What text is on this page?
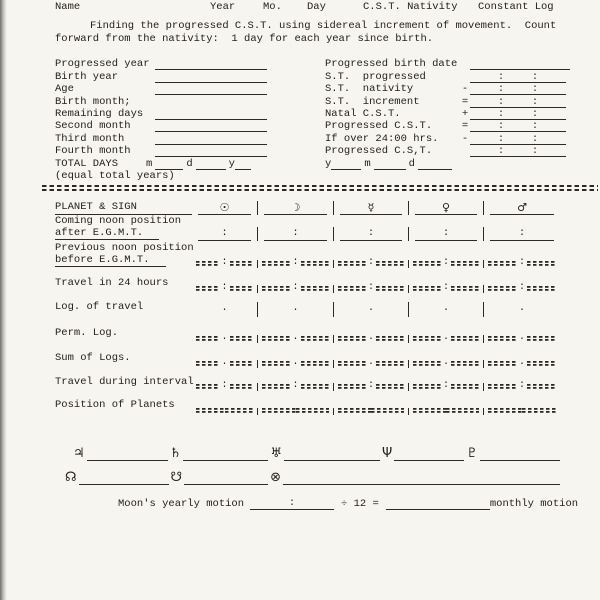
Name	Year	Mo. Day	C.S.T. Nativity Constant Log
Finding the progressed C.S.T. using sidereal increment of movement.  Count
forward from the nativity:  1 day for each year since birth.
Progressed year
Birth year
Age
Birth month;
Remaining days
Second month
Third month
Fourth month
TOTAL DAYS	m	d	y
(equal total years)
Progressed birth date
S.T.  progressed	:	:
S.T.  nativity	-	:	:
S.T.  increment	=	:	:
Natal C.S.T.	+	:	:
Progressed C.S.T.	=	:	:
If over 24:00 hrs.	-	:	:
Progressed C.S,T.	:	:
y	m	d
PLANET & SIGN	☉	☽	☿	♀	♂
Coming noon position
after E.G.M.T.	:	:	:	:	:
Previous noon position
before E.G.M.T.	:	:	:	:	:
Travel in 24 hours	:	:	:	:	:
Log. of travel	.	.	.	.	.
Perm. Log.	.	.	.	.	.
Sum of Logs.	.	.	.	.	.
Travel during interval	:	:	:	:	:
Position of Planets
♃	♄	♅	Ψ	♇
☊	☋	⊗
Moon's yearly motion	:	÷ 12 =	monthly motion
